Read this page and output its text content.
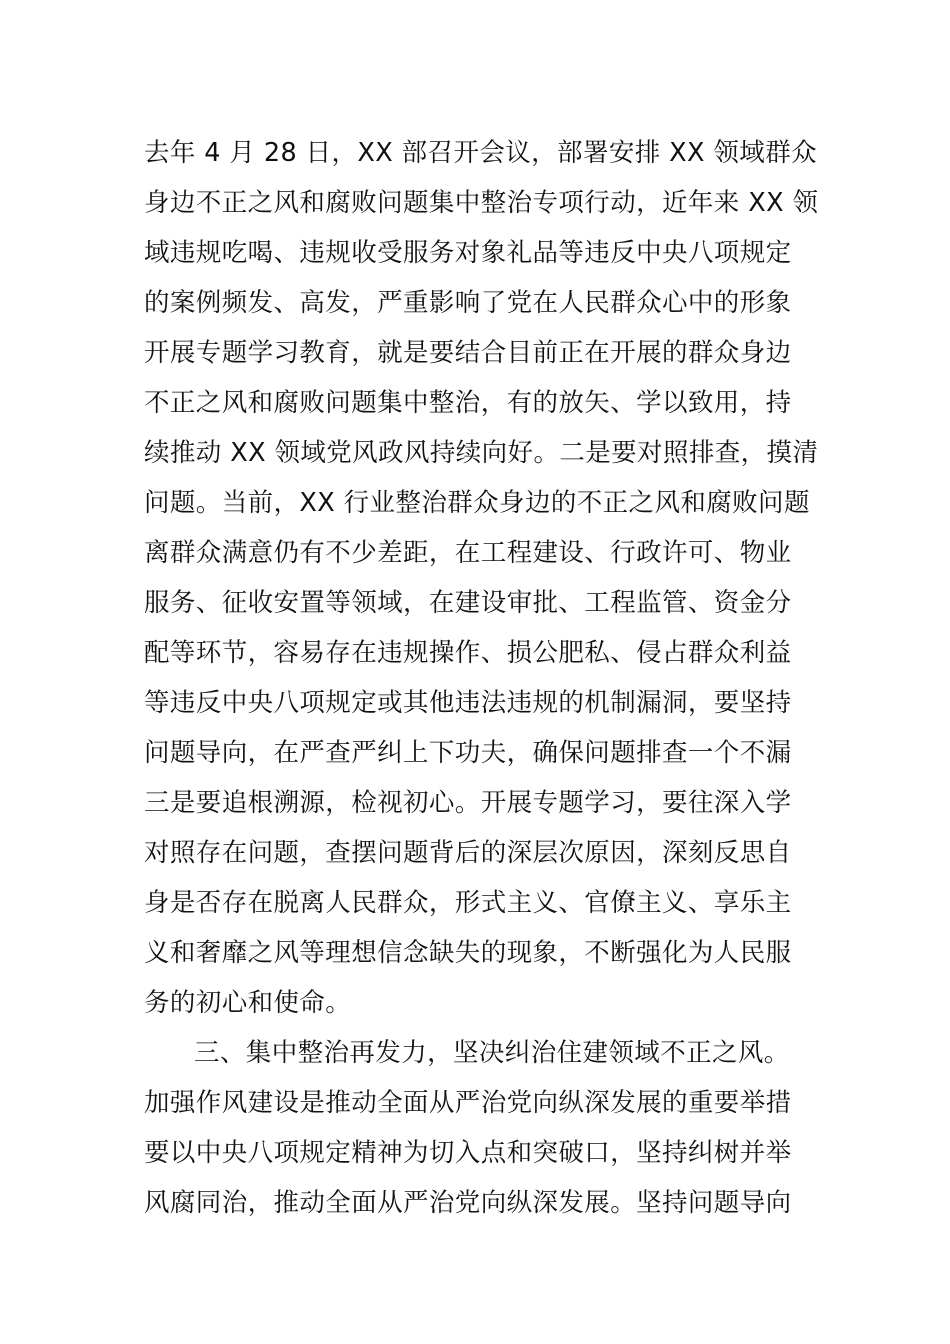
去年 4 月 28 日，XX 部召开会议，部署安排 XX 领域群众
身边不正之风和腐败问题集中整治专项行动，近年来 XX 领
域违规吃喝、违规收受服务对象礼品等违反中央八项规定
的案例频发、高发，严重影响了党在人民群众心中的形象
开展专题学习教育，就是要结合目前正在开展的群众身边
不正之风和腐败问题集中整治，有的放矢、学以致用，持
续推动 XX 领域党风政风持续向好。二是要对照排查，摸清
问题。当前，XX 行业整治群众身边的不正之风和腐败问题
离群众满意仍有不少差距，在工程建设、行政许可、物业
服务、征收安置等领域，在建设审批、工程监管、资金分
配等环节，容易存在违规操作、损公肥私、侵占群众利益
等违反中央八项规定或其他违法违规的机制漏洞，要坚持
问题导向，在严查严纠上下功夫，确保问题排查一个不漏
三是要追根溯源，检视初心。开展专题学习，要往深入学
对照存在问题，查摆问题背后的深层次原因，深刻反思自
身是否存在脱离人民群众，形式主义、官僚主义、享乐主
义和奢靡之风等理想信念缺失的现象，不断强化为人民服
务的初心和使命。
三、集中整治再发力，坚决纠治住建领域不正之风。
加强作风建设是推动全面从严治党向纵深发展的重要举措
要以中央八项规定精神为切入点和突破口，坚持纠树并举
风腐同治，推动全面从严治党向纵深发展。坚持问题导向
